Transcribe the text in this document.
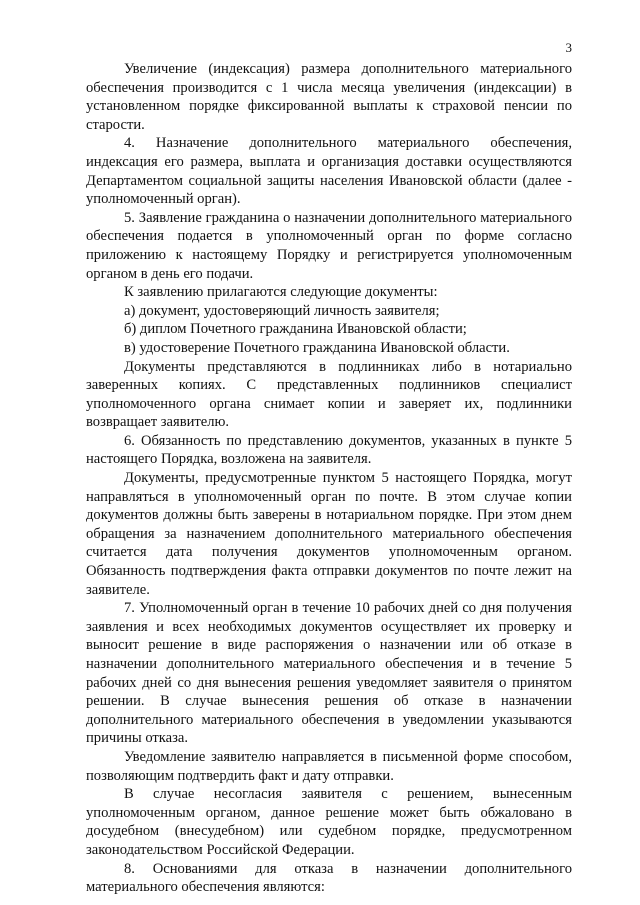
3

Увеличение (индексация) размера дополнительного материального обеспечения производится с 1 числа месяца увеличения (индексации) в установленном порядке фиксированной выплаты к страховой пенсии по старости.

4. Назначение дополнительного материального обеспечения, индексация его размера, выплата и организация доставки осуществляются Департаментом социальной защиты населения Ивановской области (далее - уполномоченный орган).

5. Заявление гражданина о назначении дополнительного материального обеспечения подается в уполномоченный орган по форме согласно приложению к настоящему Порядку и регистрируется уполномоченным органом в день его подачи.

К заявлению прилагаются следующие документы:

а) документ, удостоверяющий личность заявителя;

б) диплом Почетного гражданина Ивановской области;

в) удостоверение Почетного гражданина Ивановской области.

Документы представляются в подлинниках либо в нотариально заверенных копиях. С представленных подлинников специалист уполномоченного органа снимает копии и заверяет их, подлинники возвращает заявителю.

6. Обязанность по представлению документов, указанных в пункте 5 настоящего Порядка, возложена на заявителя.

Документы, предусмотренные пунктом 5 настоящего Порядка, могут направляться в уполномоченный орган по почте. В этом случае копии документов должны быть заверены в нотариальном порядке. При этом днем обращения за назначением дополнительного материального обеспечения считается дата получения документов уполномоченным органом. Обязанность подтверждения факта отправки документов по почте лежит на заявителе.

7. Уполномоченный орган в течение 10 рабочих дней со дня получения заявления и всех необходимых документов осуществляет их проверку и выносит решение в виде распоряжения о назначении или об отказе в назначении дополнительного материального обеспечения и в течение 5 рабочих дней со дня вынесения решения уведомляет заявителя о принятом решении. В случае вынесения решения об отказе в назначении дополнительного материального обеспечения в уведомлении указываются причины отказа.

Уведомление заявителю направляется в письменной форме способом, позволяющим подтвердить факт и дату отправки.

В случае несогласия заявителя с решением, вынесенным уполномоченным органом, данное решение может быть обжаловано в досудебном (внесудебном) или судебном порядке, предусмотренном законодательством Российской Федерации.

8. Основаниями для отказа в назначении дополнительного материального обеспечения являются:
